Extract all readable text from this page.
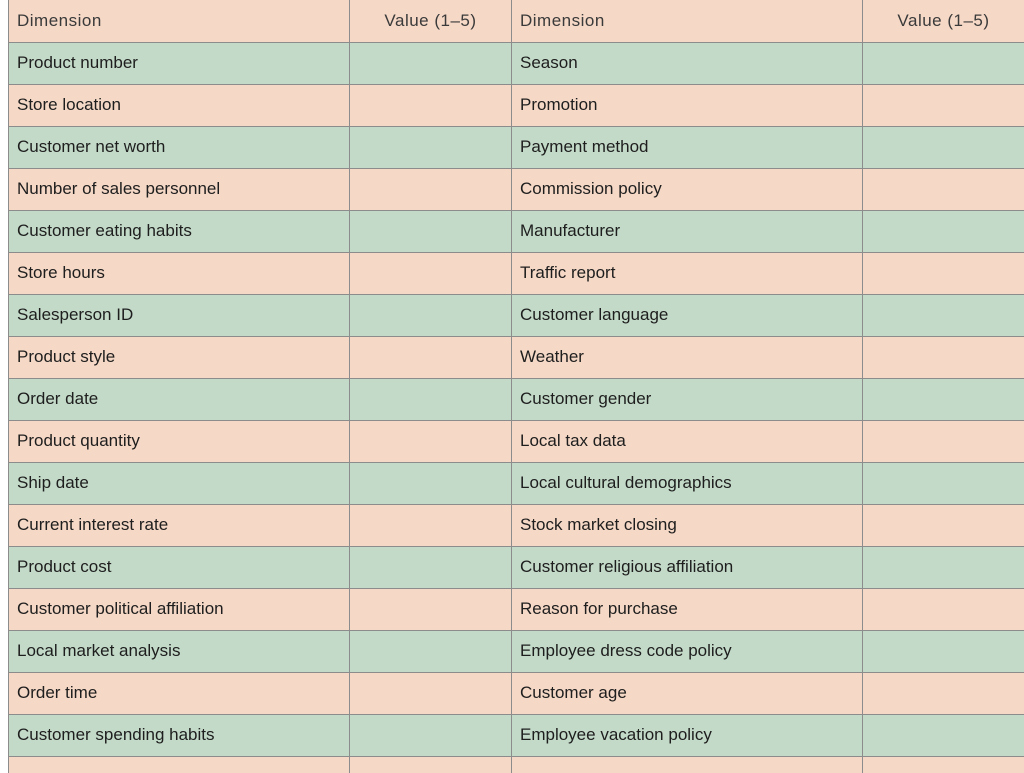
Dimension	Value (1–5)	Dimension	Value (1–5)
Product number		Season	
Store location		Promotion	
Customer net worth		Payment method	
Number of sales personnel		Commission policy	
Customer eating habits		Manufacturer	
Store hours		Traffic report	
Salesperson ID		Customer language	
Product style		Weather	
Order date		Customer gender	
Product quantity		Local tax data	
Ship date		Local cultural demographics	
Current interest rate		Stock market closing	
Product cost		Customer religious affiliation	
Customer political affiliation		Reason for purchase	
Local market analysis		Employee dress code policy	
Order time		Customer age	
Customer spending habits		Employee vacation policy	
